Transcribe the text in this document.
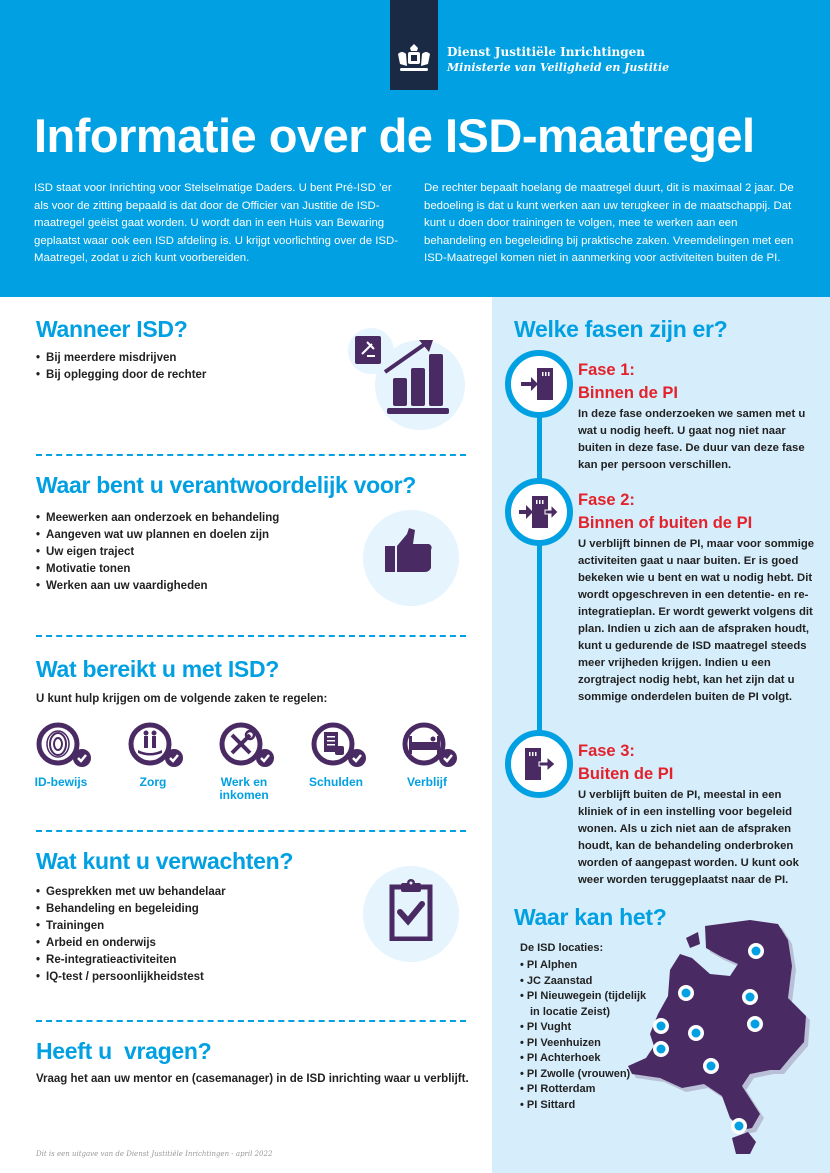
Dienst Justitiële Inrichtingen
Ministerie van Veiligheid en Justitie
Informatie over de ISD-maatregel

ISD staat voor Inrichting voor Stelselmatige Daders. U bent Pré-ISD ’er als voor de zitting bepaald is dat door de Officier van Justitie de ISD-maatregel geëist gaat worden. U wordt dan in een Huis van Bewaring geplaatst waar ook een ISD afdeling is. U krijgt voorlichting over de ISD-Maatregel, zodat u zich kunt voorbereiden.

De rechter bepaalt hoelang de maatregel duurt, dit is maximaal 2 jaar. De bedoeling is dat u kunt werken aan uw terugkeer in de maatschappij. Dat kunt u doen door trainingen te volgen, mee te werken aan een behandeling en begeleiding bij praktische zaken. Vreemdelingen met een ISD-Maatregel komen niet in aanmerking voor activiteiten buiten de PI.

Wanneer ISD?
• Bij meerdere misdrijven
• Bij oplegging door de rechter
Waar bent u verantwoordelijk voor?
• Meewerken aan onderzoek en behandeling
• Aangeven wat uw plannen en doelen zijn
• Uw eigen traject
• Motivatie tonen
• Werken aan uw vaardigheden
Wat bereikt u met ISD?

U kunt hulp krijgen om de volgende zaken te regelen:

ID-bewijs	Zorg	Werk en inkomen
Schulden	Verblijf
Wat kunt u verwachten?
• Gesprekken met uw behandelaar
• Behandeling en begeleiding
• Trainingen
• Arbeid en onderwijs
• Re-integratieactiviteiten
• IQ-test / persoonlijkheidstest
Heeft u  vragen?

Vraag het aan uw mentor en (casemanager) in de ISD inrichting waar u verblijft.

Dit is een uitgave van de Dienst Justitiële Inrichtingen - april 2022

Welke fasen zijn er?
Fase 1:
Binnen de PI

In deze fase onderzoeken we samen met u wat u nodig heeft. U gaat nog niet naar buiten in deze fase. De duur van deze fase kan per persoon verschillen.

Fase 2:
Binnen of buiten de PI

U verblijft binnen de PI, maar voor sommige activiteiten gaat u naar buiten. Er is goed bekeken wie u bent en wat u nodig hebt. Dit wordt opgeschreven in een detentie- en re-integratieplan. Er wordt gewerkt volgens dit plan. Indien u zich aan de afspraken houdt, kunt u gedurende de ISD maatregel steeds meer vrijheden krijgen. Indien u een zorgtraject nodig hebt, kan het zijn dat u sommige onderdelen buiten de PI volgt.

Fase 3:
Buiten de PI

U verblijft buiten de PI, meestal in een kliniek of in een instelling voor begeleid wonen. Als u zich niet aan de afspraken houdt, kan de behandeling onderbroken worden of aangepast worden. U kunt ook weer worden teruggeplaatst naar de PI.

Waar kan het?

De ISD locaties:

• PI Alphen
• JC Zaanstad
• PI Nieuwegein (tijdelijk in locatie Zeist)
• PI Vught
• PI Veenhuizen
• PI Achterhoek
• PI Zwolle (vrouwen)
• PI Rotterdam
• PI Sittard
